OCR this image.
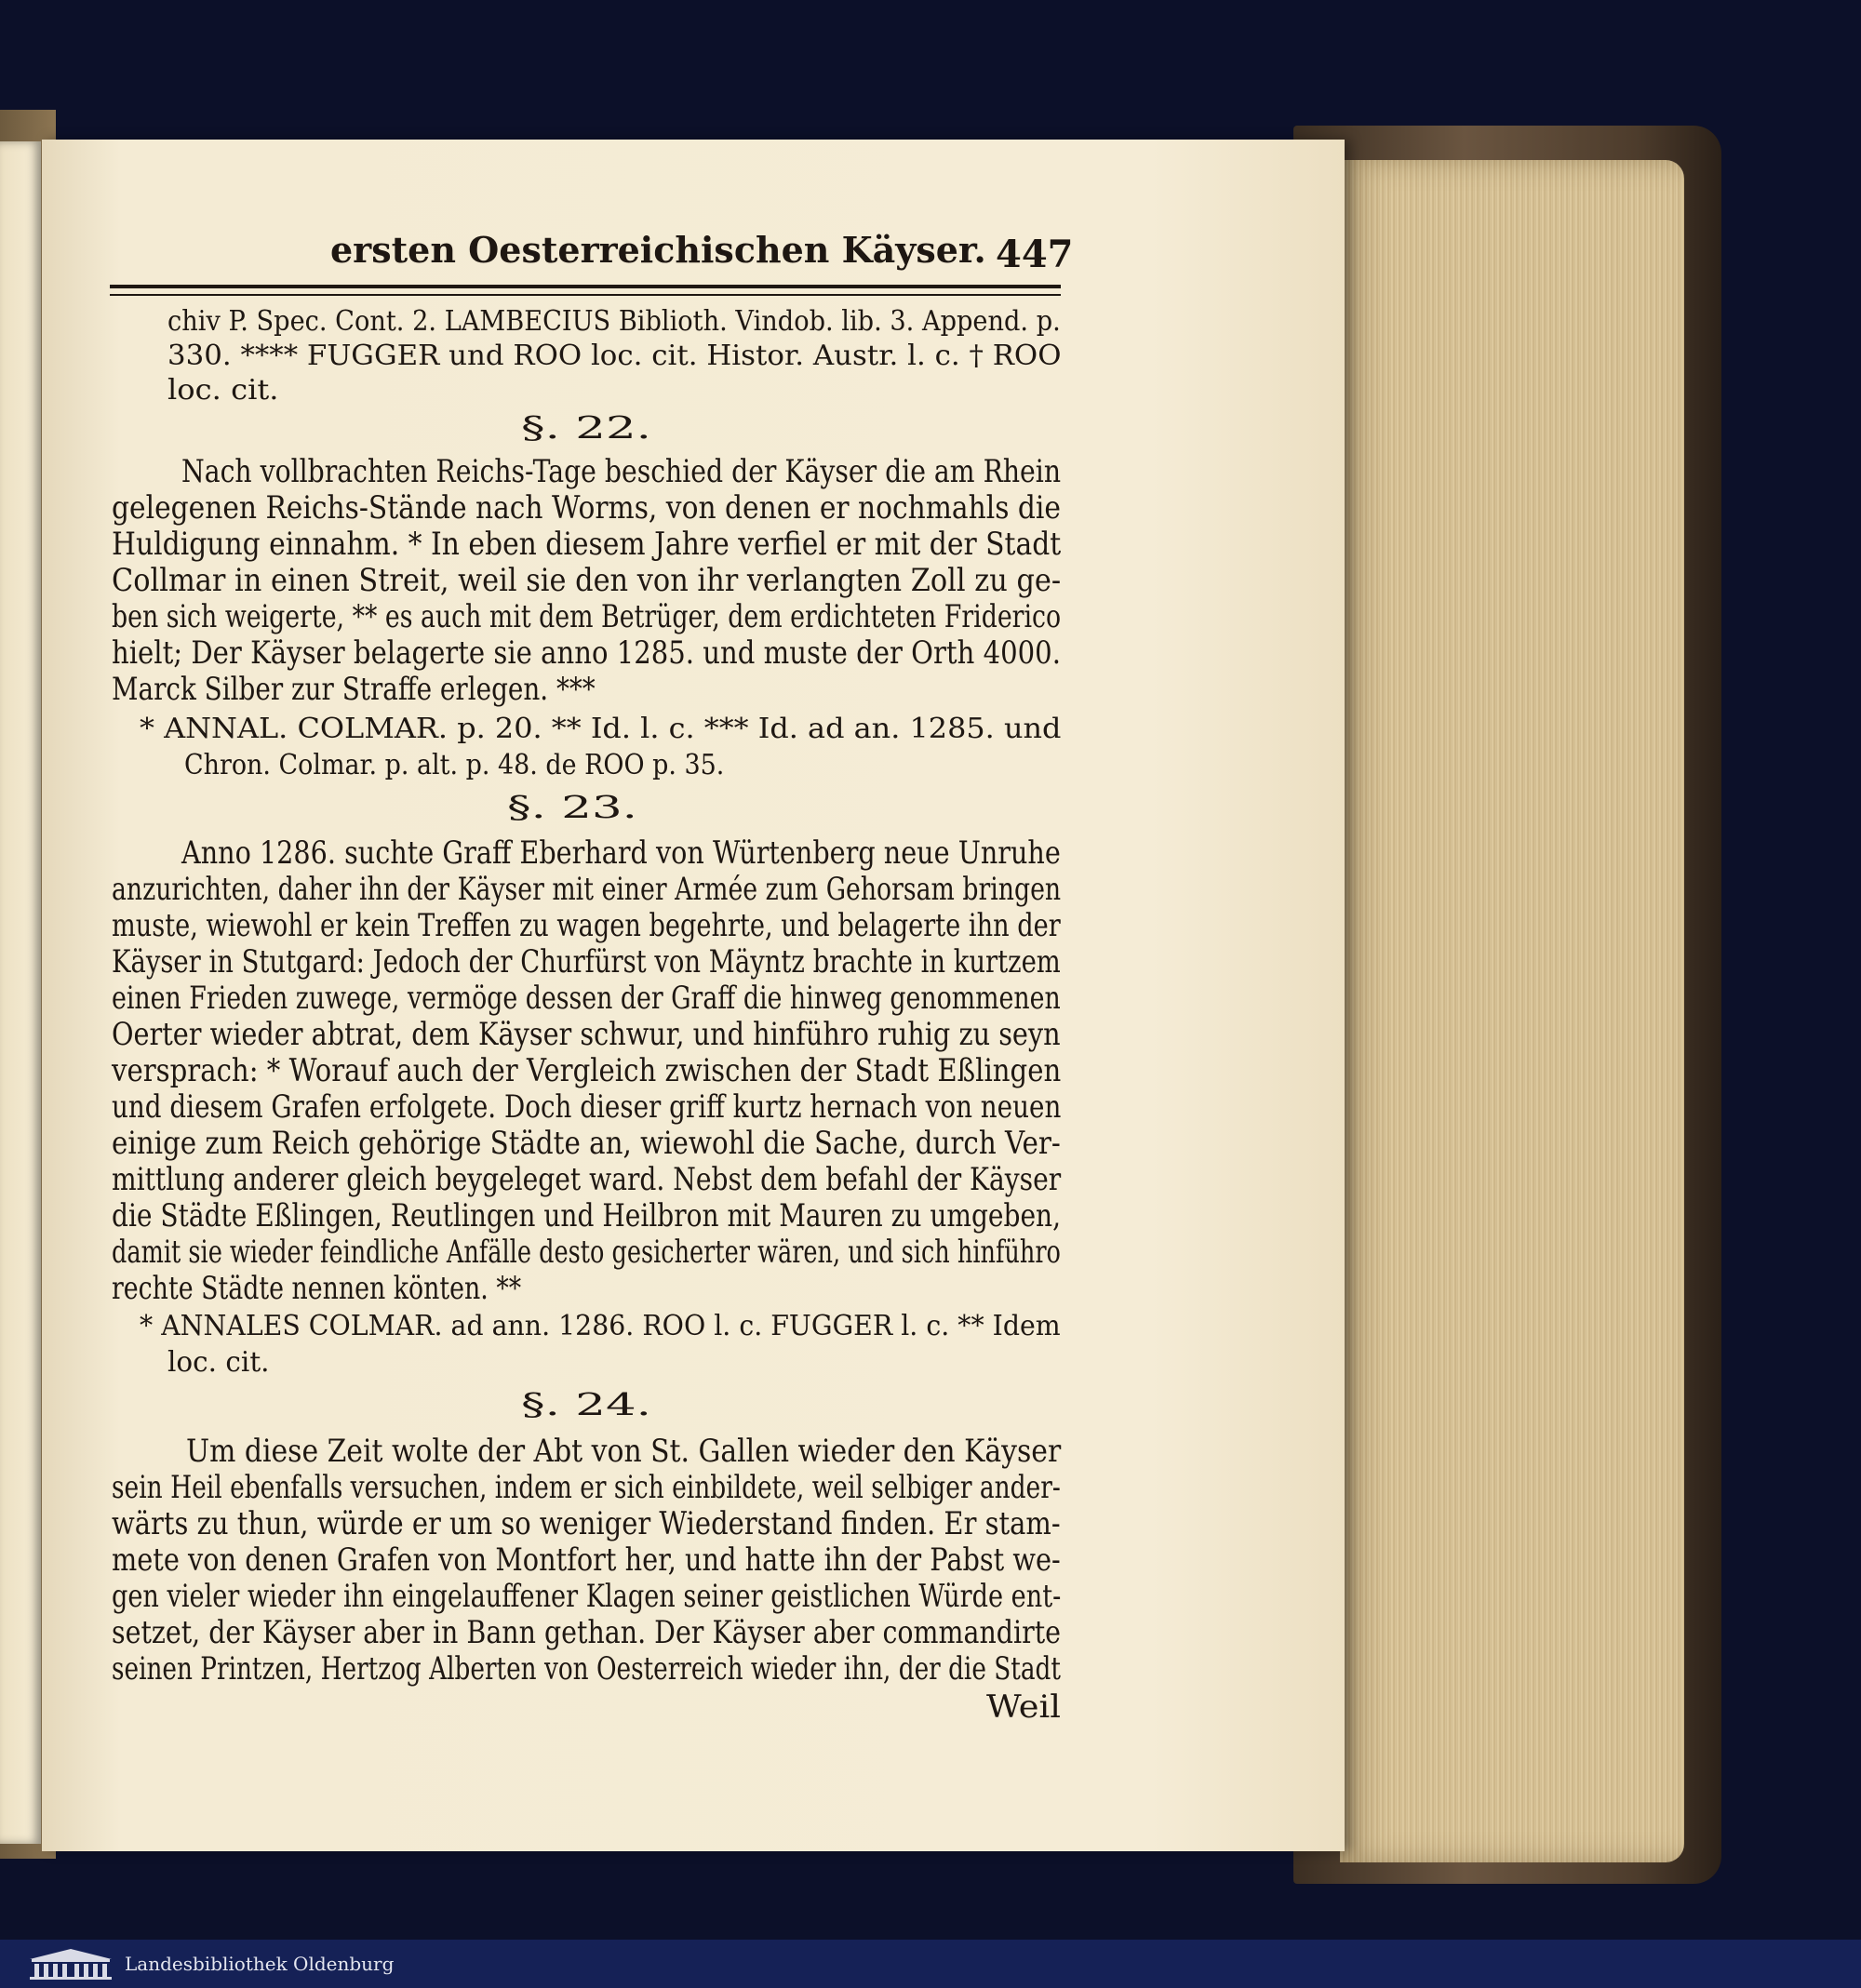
ersten Oesterreichischen Käyser. 447
chiv P. Spec. Cont. 2. LAMBECIUS Biblioth. Vindob. lib. 3. Append. p.
330. **** FUGGER und ROO loc. cit. Histor. Austr. l. c. † ROO
loc. cit.
§. 22.
Nach vollbrachten Reichs-Tage beschied der Käyser die am Rhein
gelegenen Reichs-Stände nach Worms, von denen er nochmahls die
Huldigung einnahm. * In eben diesem Jahre verfiel er mit der Stadt
Collmar in einen Streit, weil sie den von ihr verlangten Zoll zu ge-
ben sich weigerte, ** es auch mit dem Betrüger, dem erdichteten Friderico
hielt; Der Käyser belagerte sie anno 1285. und muste der Orth 4000.
Marck Silber zur Straffe erlegen. ***
* ANNAL. COLMAR. p. 20. ** Id. l. c. *** Id. ad an. 1285. und
Chron. Colmar. p. alt. p. 48. de ROO p. 35.
§. 23.
Anno 1286. suchte Graff Eberhard von Würtenberg neue Unruhe
anzurichten, daher ihn der Käyser mit einer Armée zum Gehorsam bringen
muste, wiewohl er kein Treffen zu wagen begehrte, und belagerte ihn der
Käyser in Stutgard: Jedoch der Churfürst von Mäyntz brachte in kurtzem
einen Frieden zuwege, vermöge dessen der Graff die hinweg genommenen
Oerter wieder abtrat, dem Käyser schwur, und hinführo ruhig zu seyn
versprach: * Worauf auch der Vergleich zwischen der Stadt Eßlingen
und diesem Grafen erfolgete. Doch dieser griff kurtz hernach von neuen
einige zum Reich gehörige Städte an, wiewohl die Sache, durch Ver-
mittlung anderer gleich beygeleget ward. Nebst dem befahl der Käyser
die Städte Eßlingen, Reutlingen und Heilbron mit Mauren zu umgeben,
damit sie wieder feindliche Anfälle desto gesicherter wären, und sich hinführo
rechte Städte nennen könten. **
* ANNALES COLMAR. ad ann. 1286. ROO l. c. FUGGER l. c. ** Idem
loc. cit.
§. 24.
Um diese Zeit wolte der Abt von St. Gallen wieder den Käyser
sein Heil ebenfalls versuchen, indem er sich einbildete, weil selbiger ander-
wärts zu thun, würde er um so weniger Wiederstand finden. Er stam-
mete von denen Grafen von Montfort her, und hatte ihn der Pabst we-
gen vieler wieder ihn eingelauffener Klagen seiner geistlichen Würde ent-
setzet, der Käyser aber in Bann gethan. Der Käyser aber commandirte
seinen Printzen, Hertzog Alberten von Oesterreich wieder ihn, der die Stadt
Weil
Landesbibliothek Oldenburg
